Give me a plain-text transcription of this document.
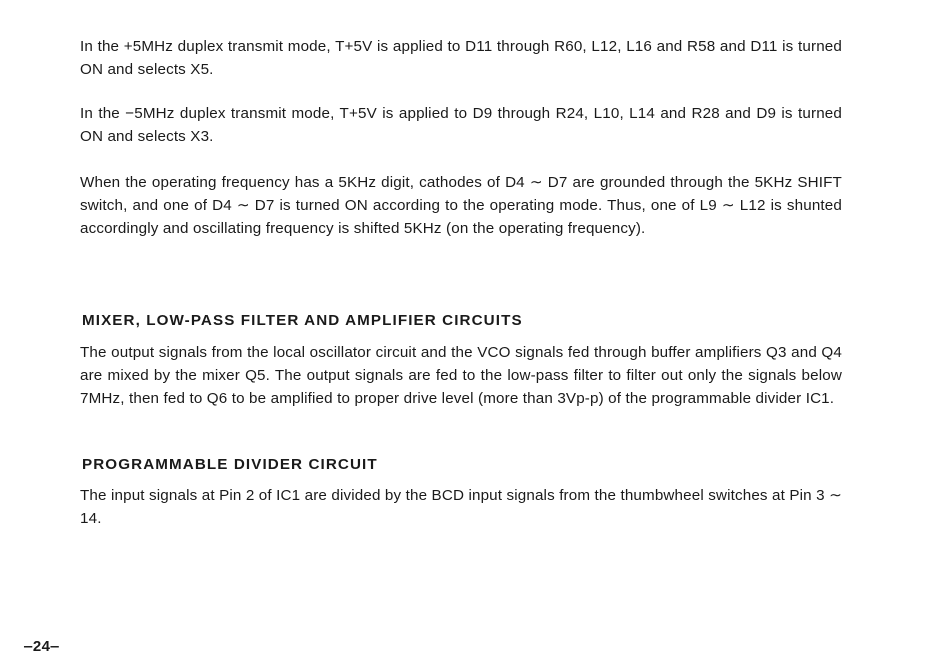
In the +5MHz duplex transmit mode, T+5V is applied to D11 through R60, L12, L16 and R58 and D11 is turned ON and selects X5.

In the −5MHz duplex transmit mode, T+5V is applied to D9 through R24, L10, L14 and R28 and D9 is turned ON and selects X3.

When the operating frequency has a 5KHz digit, cathodes of D4 ∼ D7 are grounded through the 5KHz SHIFT switch, and one of D4 ∼ D7 is turned ON according to the operating mode. Thus, one of L9 ∼ L12 is shunted accordingly and oscillating frequency is shifted 5KHz (on the operating frequency).

MIXER, LOW-PASS FILTER AND AMPLIFIER CIRCUITS

The output signals from the local oscillator circuit and the VCO signals fed through buffer amplifiers Q3 and Q4 are mixed by the mixer Q5. The output signals are fed to the low-pass filter to filter out only the signals below 7MHz, then fed to Q6 to be amplified to proper drive level (more than 3Vp-p) of the programmable divider IC1.

PROGRAMMABLE DIVIDER CIRCUIT

The input signals at Pin 2 of IC1 are divided by the BCD input signals from the thumbwheel switches at Pin 3 ∼ 14.

‒24‒
